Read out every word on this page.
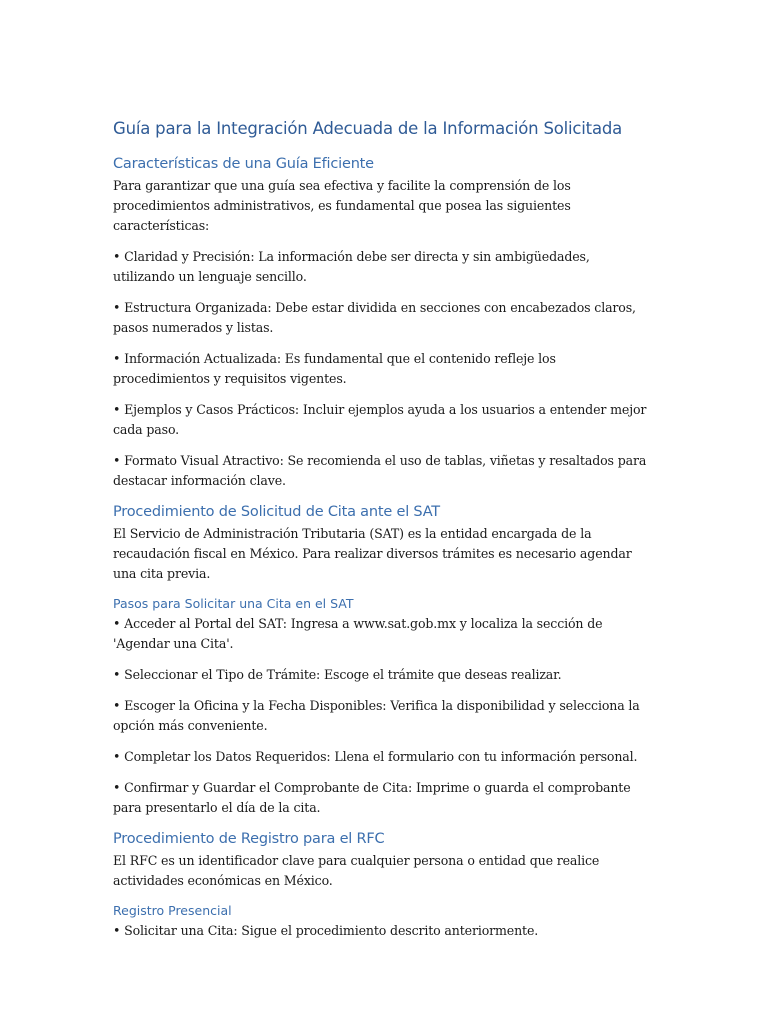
Guía para la Integración Adecuada de la Información Solicitada
Características de una Guía Eficiente
Para garantizar que una guía sea efectiva y facilite la comprensión de los procedimientos administrativos, es fundamental que posea las siguientes características:
• Claridad y Precisión: La información debe ser directa y sin ambigüedades, utilizando un lenguaje sencillo.
• Estructura Organizada: Debe estar dividida en secciones con encabezados claros, pasos numerados y listas.
• Información Actualizada: Es fundamental que el contenido refleje los procedimientos y requisitos vigentes.
• Ejemplos y Casos Prácticos: Incluir ejemplos ayuda a los usuarios a entender mejor cada paso.
• Formato Visual Atractivo: Se recomienda el uso de tablas, viñetas y resaltados para destacar información clave.
Procedimiento de Solicitud de Cita ante el SAT
El Servicio de Administración Tributaria (SAT) es la entidad encargada de la recaudación fiscal en México. Para realizar diversos trámites es necesario agendar una cita previa.
Pasos para Solicitar una Cita en el SAT
• Acceder al Portal del SAT: Ingresa a www.sat.gob.mx y localiza la sección de 'Agendar una Cita'.
• Seleccionar el Tipo de Trámite: Escoge el trámite que deseas realizar.
• Escoger la Oficina y la Fecha Disponibles: Verifica la disponibilidad y selecciona la opción más conveniente.
• Completar los Datos Requeridos: Llena el formulario con tu información personal.
• Confirmar y Guardar el Comprobante de Cita: Imprime o guarda el comprobante para presentarlo el día de la cita.
Procedimiento de Registro para el RFC
El RFC es un identificador clave para cualquier persona o entidad que realice actividades económicas en México.
Registro Presencial
• Solicitar una Cita: Sigue el procedimiento descrito anteriormente.
